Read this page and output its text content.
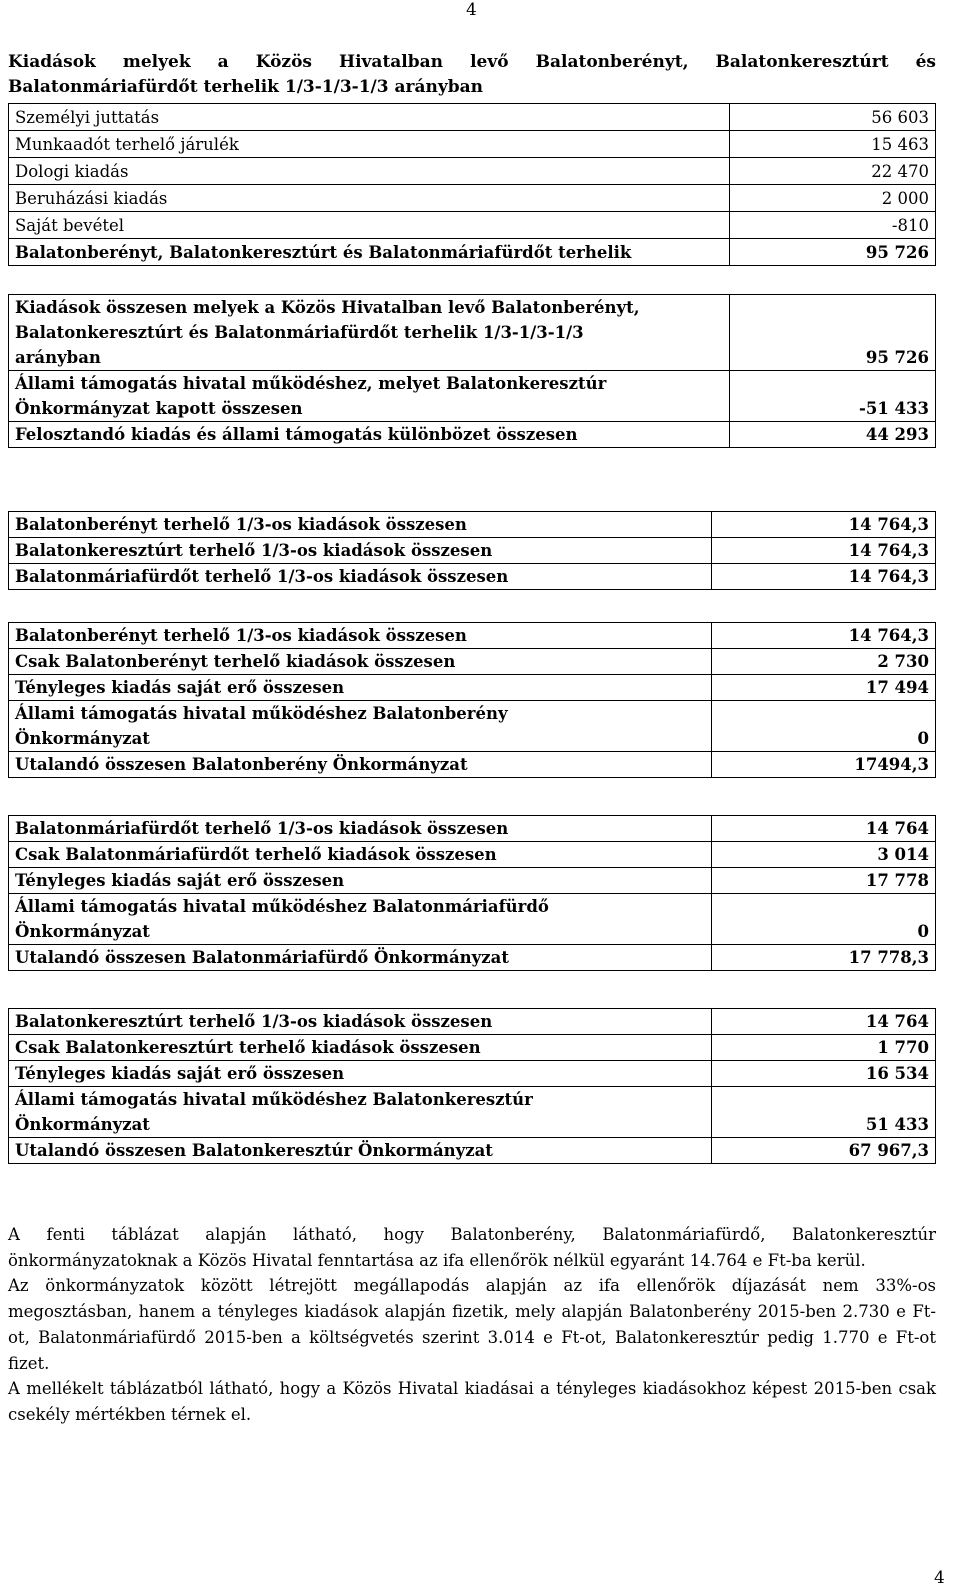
4
Kiadások melyek a Közös Hivatalban levő Balatonberényt, Balatonkeresztúrt és
Balatonmáriafürdőt terhelik 1/3-1/3-1/3 arányban
Személyi juttatás	56 603
Munkaadót terhelő járulék	15 463
Dologi kiadás	22 470
Beruházási kiadás	2 000
Saját bevétel	-810
Balatonberényt, Balatonkeresztúrt és Balatonmáriafürdőt terhelik	95 726
Kiadások összesen melyek a Közös Hivatalban levő Balatonberényt,
Balatonkeresztúrt és Balatonmáriafürdőt terhelik 1/3-1/3-1/3
arányban	95 726
Állami támogatás hivatal működéshez, melyet Balatonkeresztúr
Önkormányzat kapott összesen	-51 433
Felosztandó kiadás és állami támogatás különbözet összesen	44 293
Balatonberényt terhelő 1/3-os kiadások összesen	14 764,3
Balatonkeresztúrt terhelő 1/3-os kiadások összesen	14 764,3
Balatonmáriafürdőt terhelő 1/3-os kiadások összesen	14 764,3
Balatonberényt terhelő 1/3-os kiadások összesen	14 764,3
Csak Balatonberényt terhelő kiadások összesen	2 730
Tényleges kiadás saját erő összesen	17 494
Állami támogatás hivatal működéshez Balatonberény
Önkormányzat	0
Utalandó összesen Balatonberény Önkormányzat	17494,3
Balatonmáriafürdőt terhelő 1/3-os kiadások összesen	14 764
Csak Balatonmáriafürdőt terhelő kiadások összesen	3 014
Tényleges kiadás saját erő összesen	17 778
Állami támogatás hivatal működéshez Balatonmáriafürdő
Önkormányzat	0
Utalandó összesen Balatonmáriafürdő Önkormányzat	17 778,3
Balatonkeresztúrt terhelő 1/3-os kiadások összesen	14 764
Csak Balatonkeresztúrt terhelő kiadások összesen	1 770
Tényleges kiadás saját erő összesen	16 534
Állami támogatás hivatal működéshez Balatonkeresztúr
Önkormányzat	51 433
Utalandó összesen Balatonkeresztúr Önkormányzat	67 967,3

A fenti táblázat alapján látható, hogy Balatonberény, Balatonmáriafürdő, Balatonkeresztúr önkormányzatoknak a Közös Hivatal fenntartása az ifa ellenőrök nélkül egyaránt 14.764 e Ft-ba kerül.

Az önkormányzatok között létrejött megállapodás alapján az ifa ellenőrök díjazását nem 33%-os megosztásban, hanem a tényleges kiadások alapján fizetik, mely alapján Balatonberény 2015-ben 2.730 e Ft-ot, Balatonmáriafürdő 2015-ben a költségvetés szerint 3.014 e Ft-ot, Balatonkeresztúr pedig 1.770 e Ft-ot fizet.

A mellékelt táblázatból látható, hogy a Közös Hivatal kiadásai a tényleges kiadásokhoz képest 2015-ben csak csekély mértékben térnek el.

4
